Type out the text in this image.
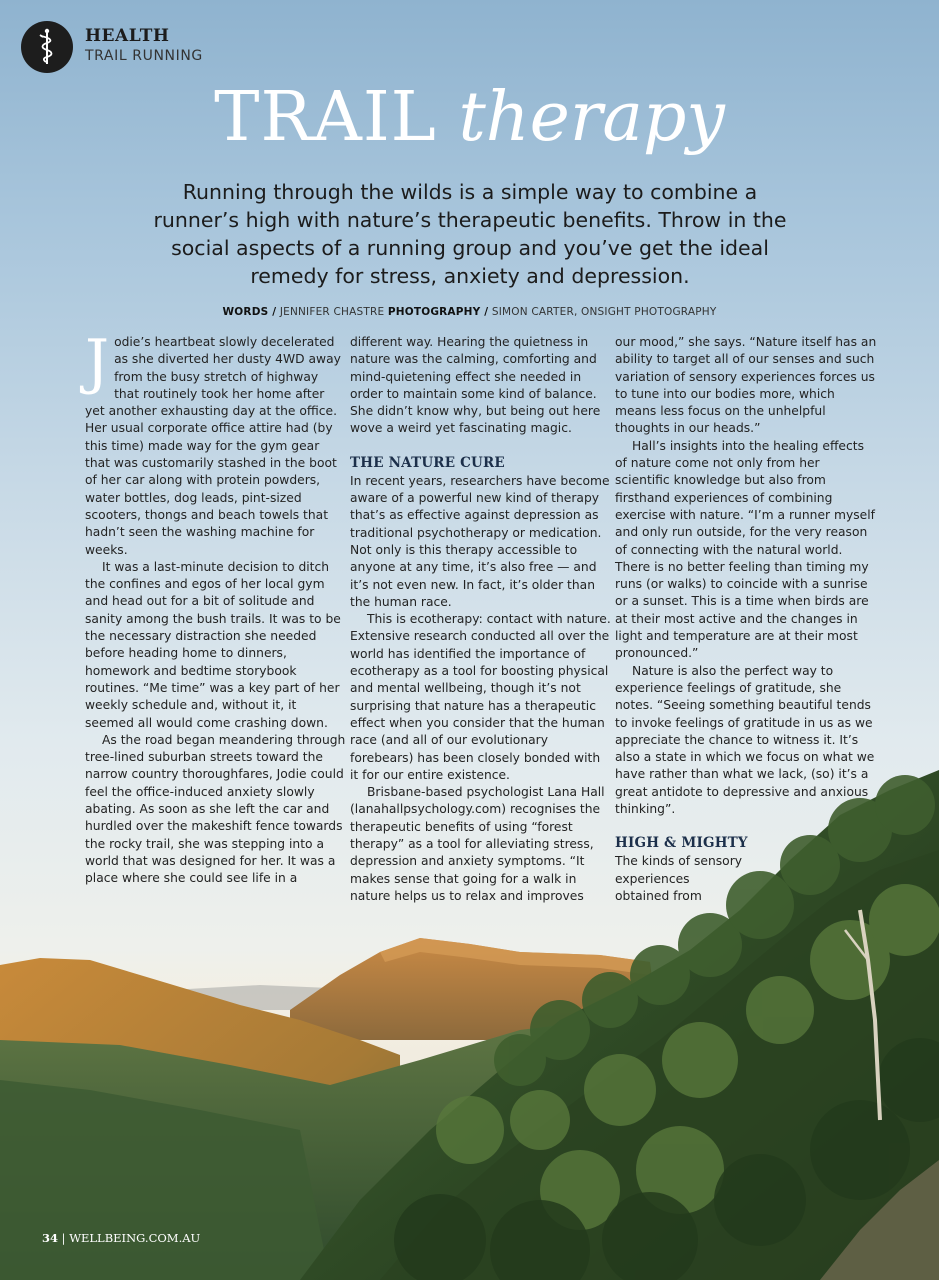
HEALTH
TRAIL RUNNING
TRAIL therapy
Running through the wilds is a simple way to combine a runner’s high with nature’s therapeutic benefits. Throw in the social aspects of a running group and you’ve get the ideal remedy for stress, anxiety and depression.
WORDS / JENNIFER CHASTRE PHOTOGRAPHY / SIMON CARTER, ONSIGHT PHOTOGRAPHY
J odie’s heartbeat slowly decelerated as she diverted her dusty 4WD away from the busy stretch of highway that routinely took her home after yet another exhausting day at the office. Her usual corporate office attire had (by this time) made way for the gym gear that was customarily stashed in the boot of her car along with protein powders, water bottles, dog leads, pint-sized scooters, thongs and beach towels that hadn’t seen the washing machine for weeks.

It was a last-minute decision to ditch the confines and egos of her local gym and head out for a bit of solitude and sanity among the bush trails. It was to be the necessary distraction she needed before heading home to dinners, homework and bedtime storybook routines. “Me time” was a key part of her weekly schedule and, without it, it seemed all would come crashing down.

As the road began meandering through tree-lined suburban streets toward the narrow country thoroughfares, Jodie could feel the office-induced anxiety slowly abating. As soon as she left the car and hurdled over the makeshift fence towards the rocky trail, she was stepping into a world that was designed for her. It was a place where she could see life in a

different way. Hearing the quietness in nature was the calming, comforting and mind-quietening effect she needed in order to maintain some kind of balance. She didn’t know why, but being out here wove a weird yet fascinating magic.

THE NATURE CURE

In recent years, researchers have become aware of a powerful new kind of therapy that’s as effective against depression as traditional psychotherapy or medication. Not only is this therapy accessible to anyone at any time, it’s also free — and it’s not even new. In fact, it’s older than the human race.

This is ecotherapy: contact with nature. Extensive research conducted all over the world has identified the importance of ecotherapy as a tool for boosting physical and mental wellbeing, though it’s not surprising that nature has a therapeutic effect when you consider that the human race (and all of our evolutionary forebears) has been closely bonded with it for our entire existence.

Brisbane-based psychologist Lana Hall (lanahallpsychology.com) recognises the therapeutic benefits of using “forest therapy” as a tool for alleviating stress, depression and anxiety symptoms. “It makes sense that going for a walk in nature helps us to relax and improves

our mood,” she says. “Nature itself has an ability to target all of our senses and such variation of sensory experiences forces us to tune into our bodies more, which means less focus on the unhelpful thoughts in our heads.”

Hall’s insights into the healing effects of nature come not only from her scientific knowledge but also from firsthand experiences of combining exercise with nature. “I’m a runner myself and only run outside, for the very reason of connecting with the natural world. There is no better feeling than timing my runs (or walks) to coincide with a sunrise or a sunset. This is a time when birds are at their most active and the changes in light and temperature are at their most pronounced.”

Nature is also the perfect way to experience feelings of gratitude, she notes. “Seeing something beautiful tends to invoke feelings of gratitude in us as we appreciate the chance to witness it. It’s also a state in which we focus on what we have rather than what we lack, (so) it’s a great antidote to depressive and anxious thinking”.

HIGH & MIGHTY

The kinds of sensory experiences obtained from

34 | WELLBEING.COM.AU
